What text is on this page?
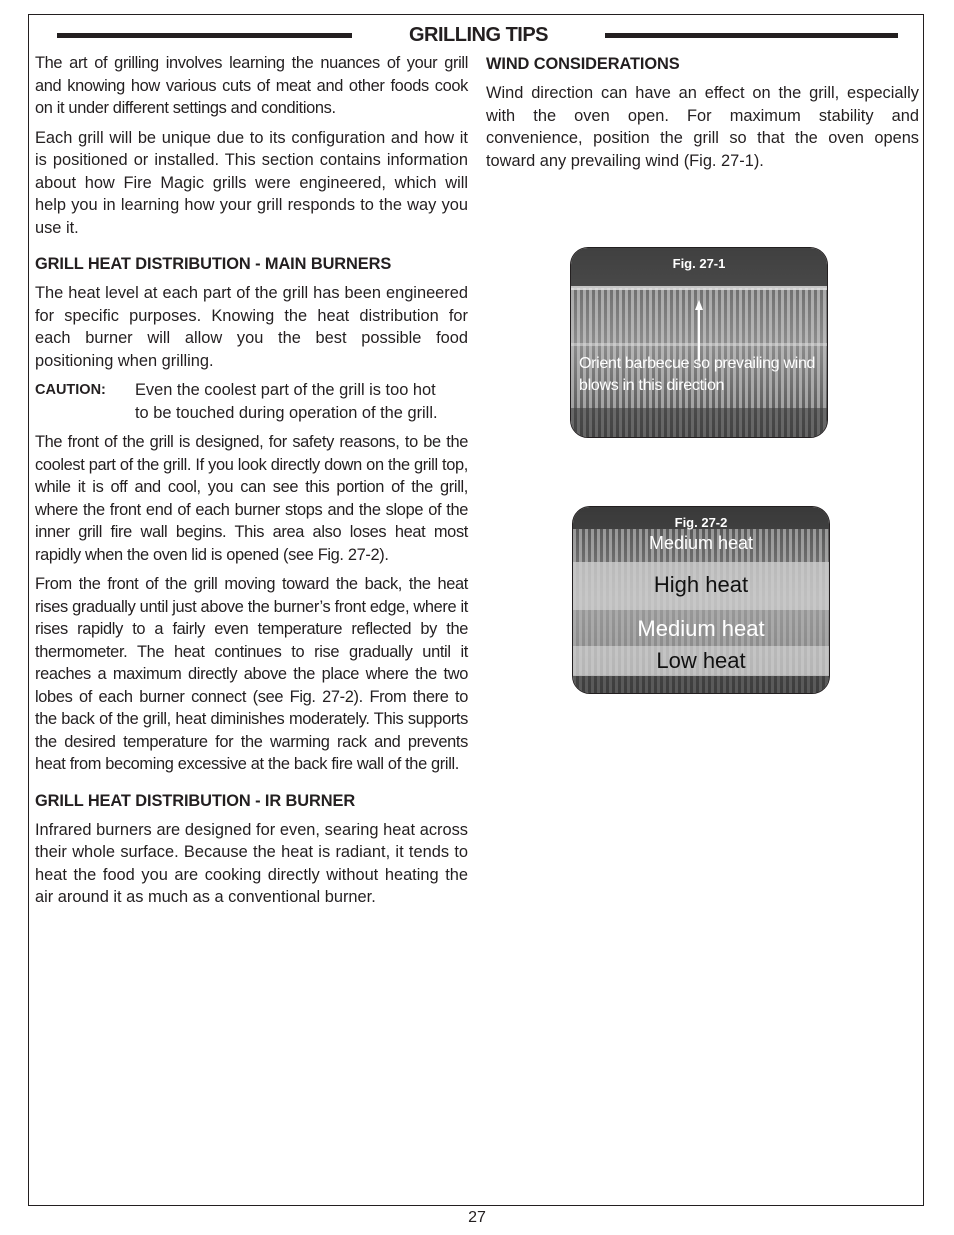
GRILLING TIPS

The art of grilling involves learning the nuances of your grill and knowing how various cuts of meat and other foods cook on it under different settings and conditions.

Each grill will be unique due to its configuration and how it is positioned or installed. This section contains information about how Fire Magic grills were engineered, which will help you in learning how your grill responds to the way you use it.

GRILL HEAT DISTRIBUTION - MAIN BURNERS

The heat level at each part of the grill has been engineered for specific purposes. Knowing the heat distribution for each burner will allow you the best possible food positioning when grilling.

CAUTION:	Even the coolest part of the grill is too hot to be touched during operation of the grill.

The front of the grill is designed, for safety reasons, to be the coolest part of the grill. If you look directly down on the grill top, while it is off and cool, you can see this portion of the grill, where the front end of each burner stops and the slope of the inner grill fire wall begins. This area also loses heat most rapidly when the oven lid is opened (see Fig. 27-2).

From the front of the grill moving toward the back, the heat rises gradually until just above the burner’s front edge, where it rises rapidly to a fairly even temperature reflected by the thermometer. The heat continues to rise gradually until it reaches a maximum directly above the place where the two lobes of each burner connect (see Fig. 27-2). From there to the back of the grill, heat diminishes moderately. This supports the desired temperature for the warming rack and prevents heat from becoming excessive at the back fire wall of the grill.

GRILL HEAT DISTRIBUTION - IR BURNER

Infrared burners are designed for even, searing heat across their whole surface. Because the heat is radiant, it tends to heat the food you are cooking directly without heating the air around it as much as a conventional burner.

WIND CONSIDERATIONS

Wind direction can have an effect on the grill, especially with the oven open. For maximum stability and convenience, position the grill so that the oven opens toward any prevailing wind (Fig. 27-1).

Fig. 27-1
Orient barbecue so prevailing wind blows in this direction
Fig. 27-2
Medium heat
High heat
Medium heat
Low heat
27
